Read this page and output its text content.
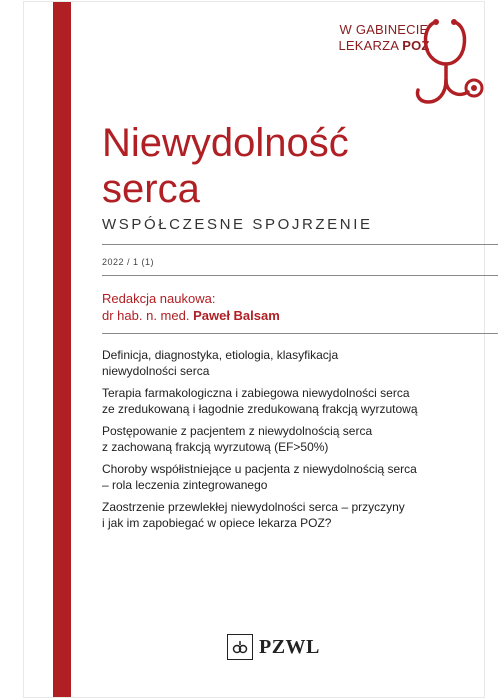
W GABINECIE
LEKARZA POZ
Niewydolność
serca
WSPÓŁCZESNE SPOJRZENIE
2022 / 1 (1)
Redakcja naukowa:
dr hab. n. med. Paweł Balsam
Definicja, diagnostyka, etiologia, klasyfikacja
niewydolności serca
Terapia farmakologiczna i zabiegowa niewydolności serca
ze zredukowaną i łagodnie zredukowaną frakcją wyrzutową
Postępowanie z pacjentem z niewydolnością serca
z zachowaną frakcją wyrzutową (EF>50%)
Choroby współistniejące u pacjenta z niewydolnością serca
– rola leczenia zintegrowanego
Zaostrzenie przewlekłej niewydolności serca – przyczyny
i jak im zapobiegać w opiece lekarza POZ?
PZWL
